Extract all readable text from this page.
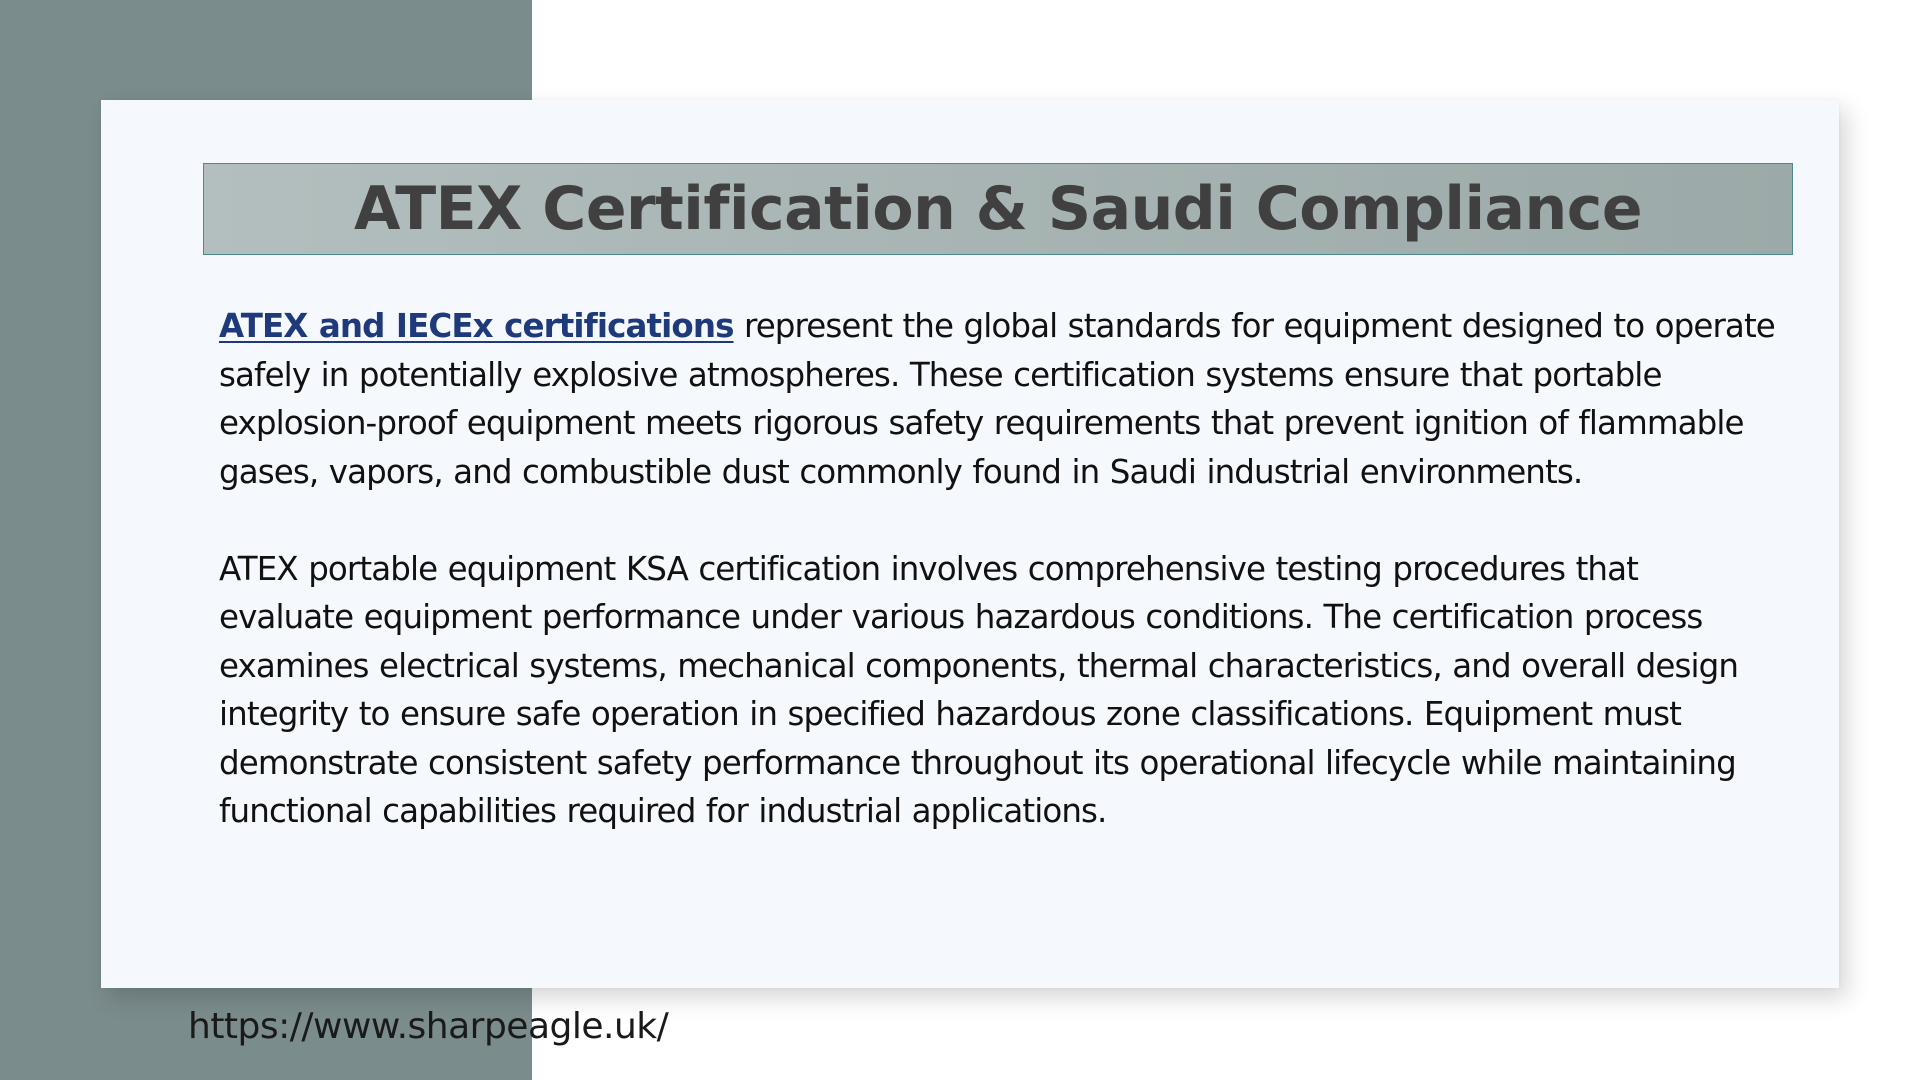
ATEX Certification & Saudi Compliance

ATEX and IECEx certifications represent the global standards for equipment designed to operate safely in potentially explosive atmospheres. These certification systems ensure that portable explosion-proof equipment meets rigorous safety requirements that prevent ignition of flammable gases, vapors, and combustible dust commonly found in Saudi industrial environments.

ATEX portable equipment KSA certification involves comprehensive testing procedures that evaluate equipment performance under various hazardous conditions. The certification process examines electrical systems, mechanical components, thermal characteristics, and overall design integrity to ensure safe operation in specified hazardous zone classifications. Equipment must demonstrate consistent safety performance throughout its operational lifecycle while maintaining functional capabilities required for industrial applications.

https://www.sharpeagle.uk/
